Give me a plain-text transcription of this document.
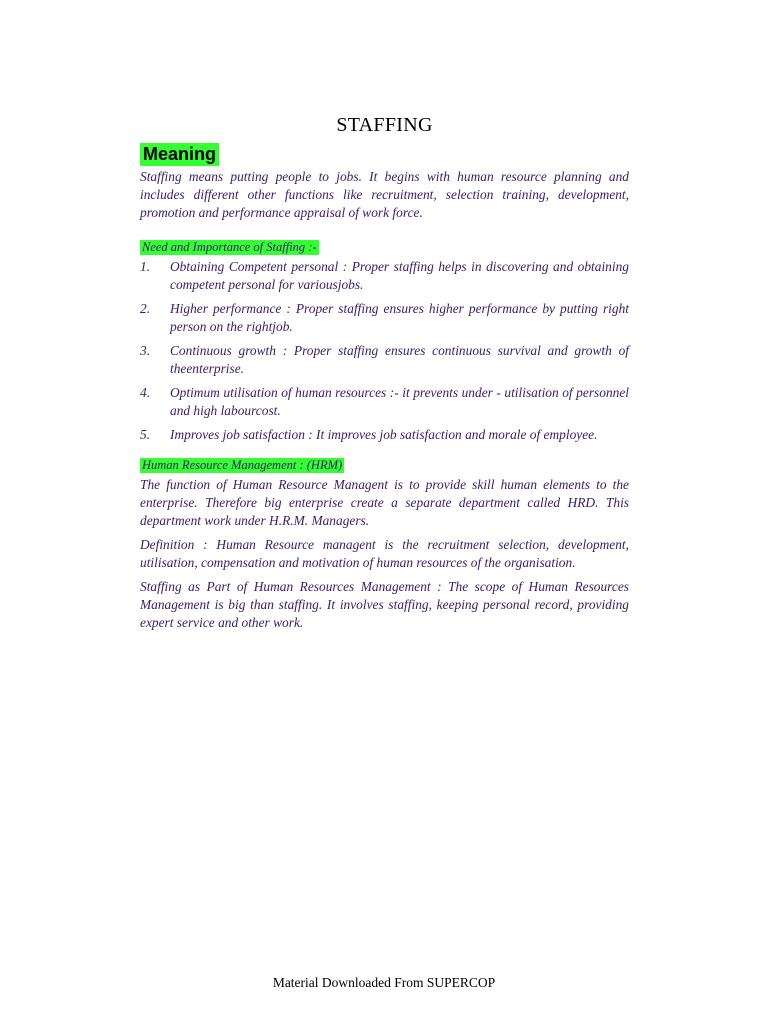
STAFFING
Meaning

Staffing means putting people to jobs. It begins with human resource planning and includes different other functions like recruitment, selection training, development, promotion and performance appraisal of work force.

Need and Importance of Staffing :-
1. Obtaining Competent personal : Proper staffing helps in discovering and obtaining competent personal for variousjobs.

2. Higher performance : Proper staffing ensures higher performance by putting right person on the rightjob.

3. Continuous growth : Proper staffing ensures continuous survival and growth of theenterprise.

4. Optimum utilisation of human resources :- it prevents under - utilisation of personnel and high labourcost.

5. Improves job satisfaction : It improves job satisfaction and morale of employee.

Human Resource Management : (HRM)

The function of Human Resource Managent is to provide skill human elements to the enterprise. Therefore big enterprise create a separate department called HRD. This department work under H.R.M. Managers.

Definition : Human Resource managent is the recruitment selection, development, utilisation, compensation and motivation of human resources of the organisation.

Staffing as Part of Human Resources Management : The scope of Human Resources Management is big than staffing. It involves staffing, keeping personal record, providing expert service and other work.

Material Downloaded From SUPERCOP
